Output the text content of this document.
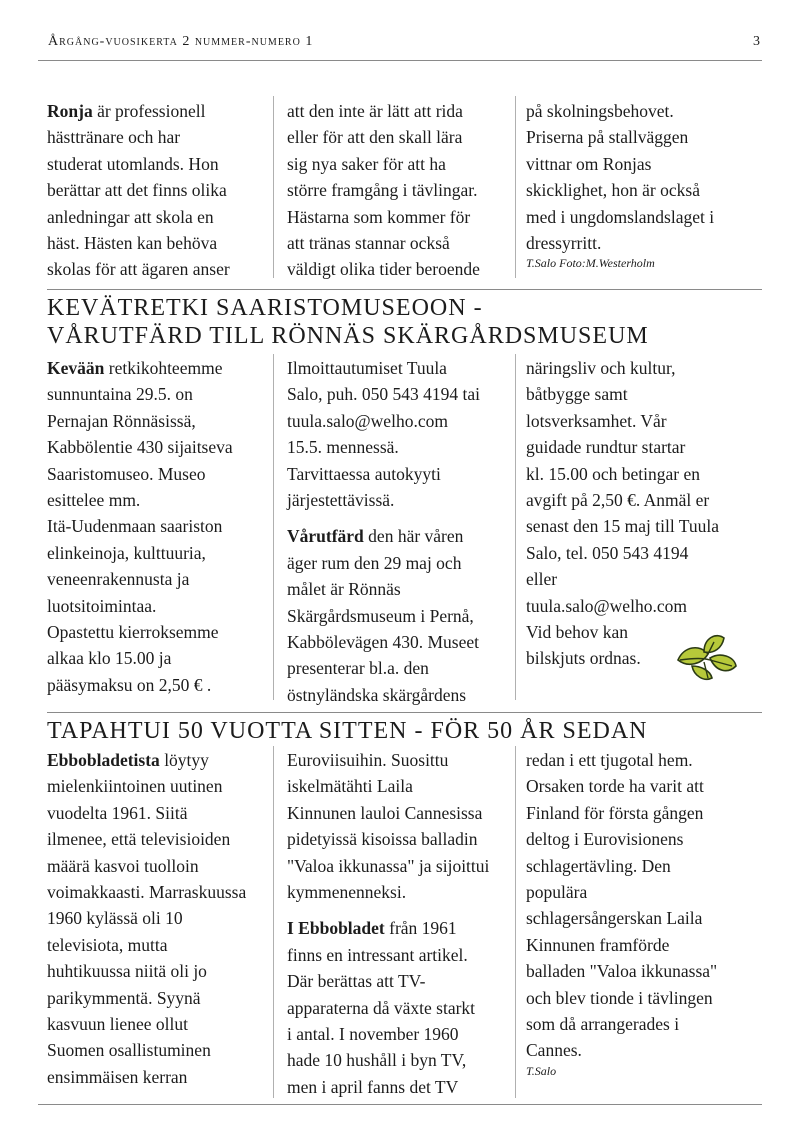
Årgång-vuosikerta 2 nummer-numero 1	3

Ronja är professionell

hästtränare och har

studerat utomlands. Hon

berättar att det finns olika

anledningar att skola en

häst. Hästen kan behöva

skolas för att ägaren anser

att den inte är lätt att rida

eller för att den skall lära

sig nya saker för att ha

större framgång i tävlingar.

Hästarna som kommer för

att tränas stannar också

väldigt olika tider beroende

på skolningsbehovet.

Priserna på stallväggen

vittnar om Ronjas

skicklighet, hon är också

med i ungdomslandslaget i

dressyrritt.

T.Salo Foto:M.Westerholm
KEVÄTRETKI SAARISTOMUSEOON -
VÅRUTFÄRD TILL RÖNNÄS SKÄRGÅRDSMUSEUM

Kevään retkikohteemme

sunnuntaina 29.5. on

Pernajan Rönnäsissä,

Kabbölentie 430 sijaitseva

Saaristomuseo. Museo

esittelee mm.

Itä-Uudenmaan saariston

elinkeinoja, kulttuuria,

veneenrakennusta ja

luotsitoimintaa.

Opastettu kierroksemme

alkaa klo 15.00 ja

pääsymaksu on 2,50 € .

Ilmoittautumiset Tuula

Salo, puh. 050 543 4194 tai

tuula.salo@welho.com

15.5. mennessä.

Tarvittaessa autokyyti

järjestettävissä.

Vårutfärd den här våren

äger rum den 29 maj och

målet är Rönnäs

Skärgårdsmuseum i Pernå,

Kabbölevägen 430. Museet

presenterar bl.a. den

östnyländska skärgårdens

näringsliv och kultur,

båtbygge samt

lotsverksamhet. Vår

guidade rundtur startar

kl. 15.00 och betingar en

avgift på 2,50 €. Anmäl er

senast den 15 maj till Tuula

Salo, tel. 050 543 4194

eller

tuula.salo@welho.com

Vid behov kan

bilskjuts ordnas.

TAPAHTUI 50 VUOTTA SITTEN - FÖR 50 ÅR SEDAN

Ebbobladetista löytyy

mielenkiintoinen uutinen

vuodelta 1961. Siitä

ilmenee, että televisioiden

määrä kasvoi tuolloin

voimakkaasti. Marraskuussa

1960 kylässä oli 10

televisiota, mutta

huhtikuussa niitä oli jo

parikymmentä. Syynä

kasvuun lienee ollut

Suomen osallistuminen

ensimmäisen kerran

Euroviisuihin. Suosittu

iskelmätähti Laila

Kinnunen lauloi Cannesissa

pidetyissä kisoissa balladin

"Valoa ikkunassa" ja sijoittui

kymmenenneksi.

I Ebbobladet från 1961

finns en intressant artikel.

Där berättas att TV-

apparaterna då växte starkt

i antal. I november 1960

hade 10 hushåll i byn TV,

men i april fanns det TV

redan i ett tjugotal hem.

Orsaken torde ha varit att

Finland för första gången

deltog i Eurovisionens

schlagertävling. Den

populära

schlagersångerskan Laila

Kinnunen framförde

balladen "Valoa ikkunassa"

och blev tionde i tävlingen

som då arrangerades i

Cannes.

T.Salo
